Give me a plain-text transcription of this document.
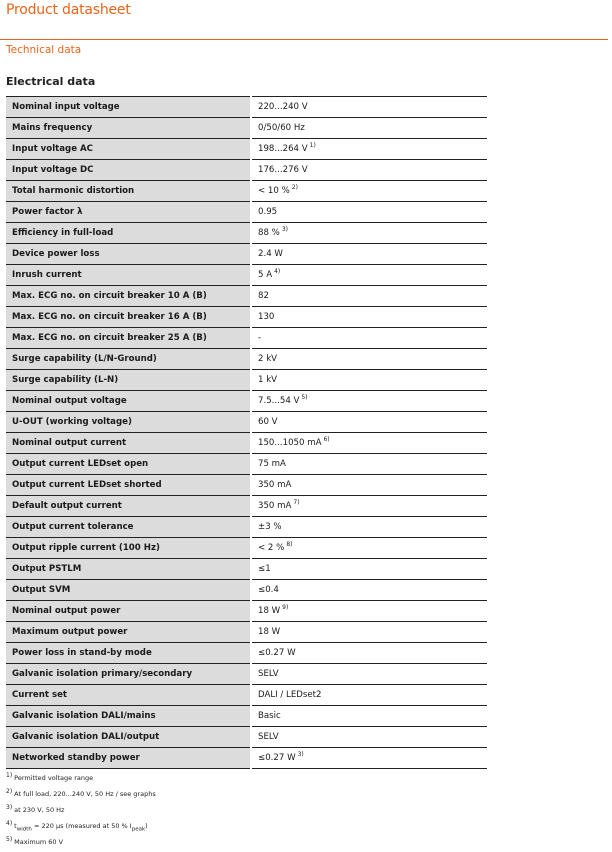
Product datasheet
Technical data
Electrical data
Nominal input voltage	220...240 V
Mains frequency	0/50/60 Hz
Input voltage AC	198...264 V $^{1)}$
Input voltage DC	176...276 V
Total harmonic distortion	< 10 % $^{2)}$
Power factor λ	0.95
Efficiency in full-load	88 % $^{3)}$
Device power loss	2.4 W
Inrush current	5 A $^{4)}$
Max. ECG no. on circuit breaker 10 A (B)	82
Max. ECG no. on circuit breaker 16 A (B)	130
Max. ECG no. on circuit breaker 25 A (B)	-
Surge capability (L/N-Ground)	2 kV
Surge capability (L-N)	1 kV
Nominal output voltage	7.5...54 V $^{5)}$
U-OUT (working voltage)	60 V
Nominal output current	150...1050 mA $^{6)}$
Output current LEDset open	75 mA
Output current LEDset shorted	350 mA
Default output current	350 mA $^{7)}$
Output current tolerance	±3 %
Output ripple current (100 Hz)	< 2 % $^{8)}$
Output PSTLM	≤1
Output SVM	≤0.4
Nominal output power	18 W $^{9)}$
Maximum output power	18 W
Power loss in stand-by mode	≤0.27 W
Galvanic isolation primary/secondary	SELV
Current set	DALI / LEDset2
Galvanic isolation DALI/mains	Basic
Galvanic isolation DALI/output	SELV
Networked standby power	≤0.27 W $^{3)}$
$^{1)}$ Permitted voltage range
$^{2)}$ At full load, 220...240 V, 50 Hz / see graphs
$^{3)}$ at 230 V, 50 Hz
$^{4)}$ $t_{width} = 220$ µs (measured at 50 % $I_{peak}$)
$^{5)}$ Maximum 60 V
